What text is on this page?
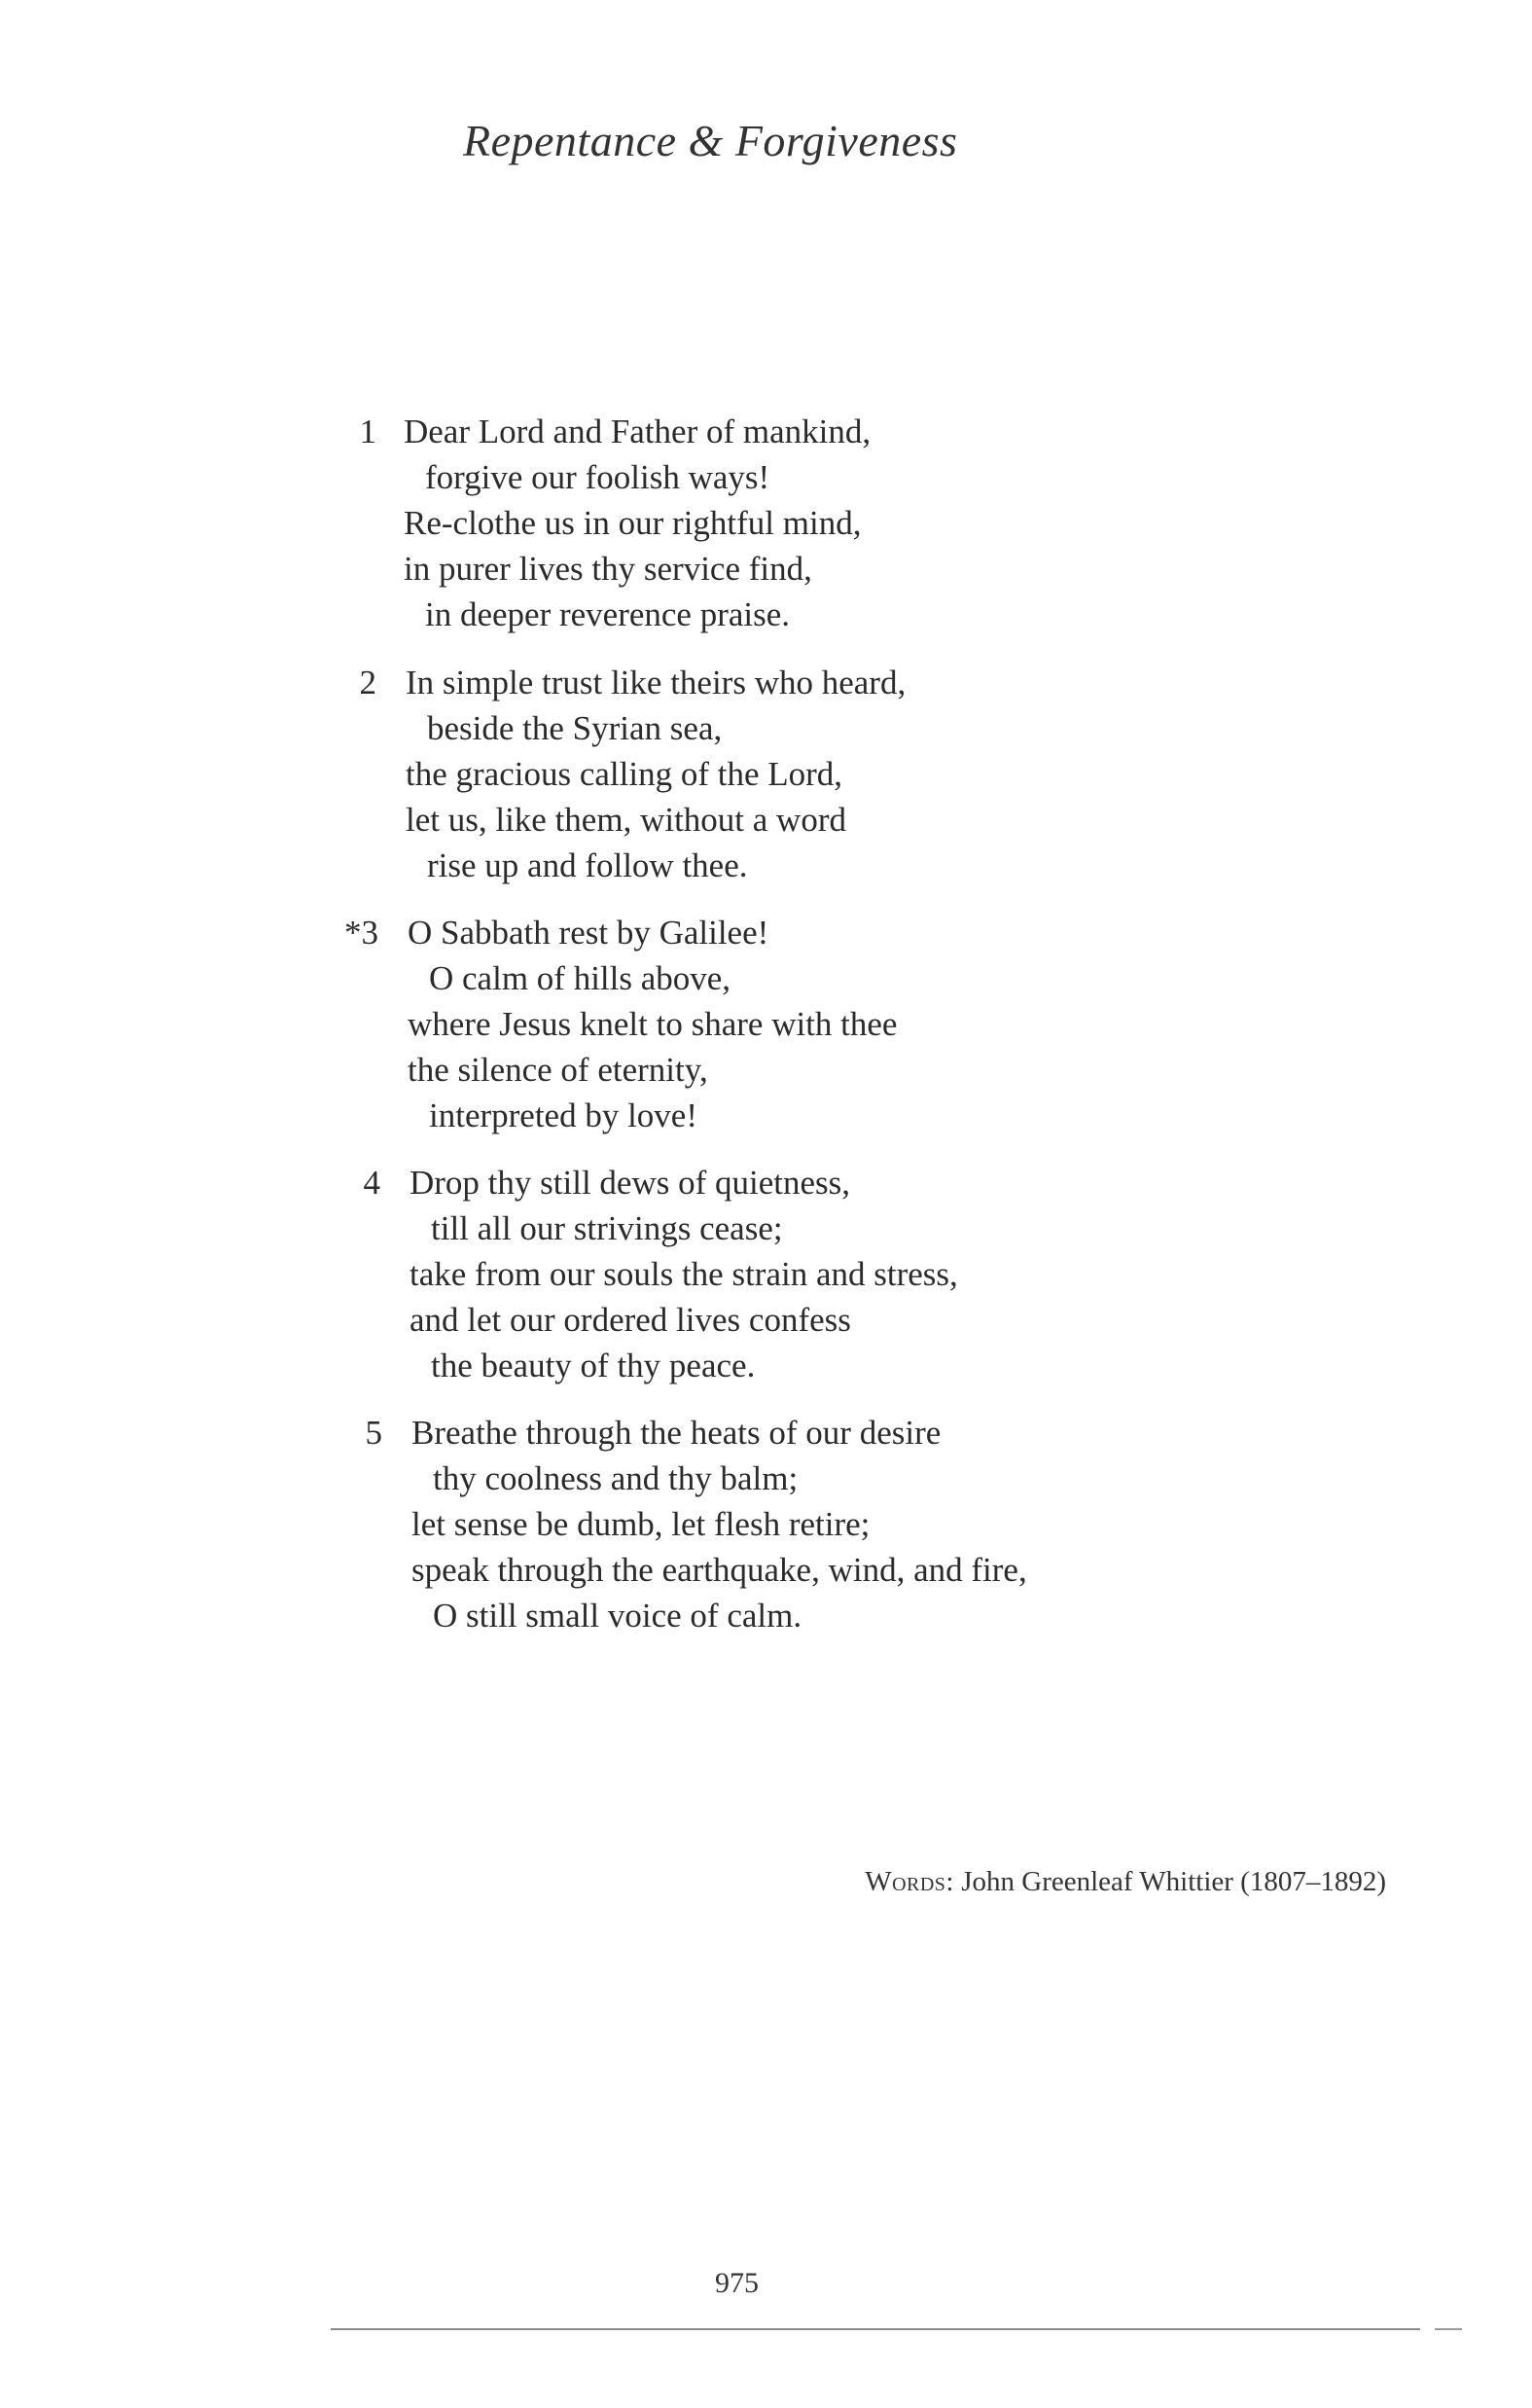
Repentance & Forgiveness
1 Dear Lord and Father of mankind,
forgive our foolish ways!
Re-clothe us in our rightful mind,
in purer lives thy service find,
in deeper reverence praise.
2 In simple trust like theirs who heard,
beside the Syrian sea,
the gracious calling of the Lord,
let us, like them, without a word
rise up and follow thee.
*3 O Sabbath rest by Galilee!
O calm of hills above,
where Jesus knelt to share with thee
the silence of eternity,
interpreted by love!
4 Drop thy still dews of quietness,
till all our strivings cease;
take from our souls the strain and stress,
and let our ordered lives confess
the beauty of thy peace.
5 Breathe through the heats of our desire
thy coolness and thy balm;
let sense be dumb, let flesh retire;
speak through the earthquake, wind, and fire,
O still small voice of calm.
Words: John Greenleaf Whittier (1807–1892)
975
